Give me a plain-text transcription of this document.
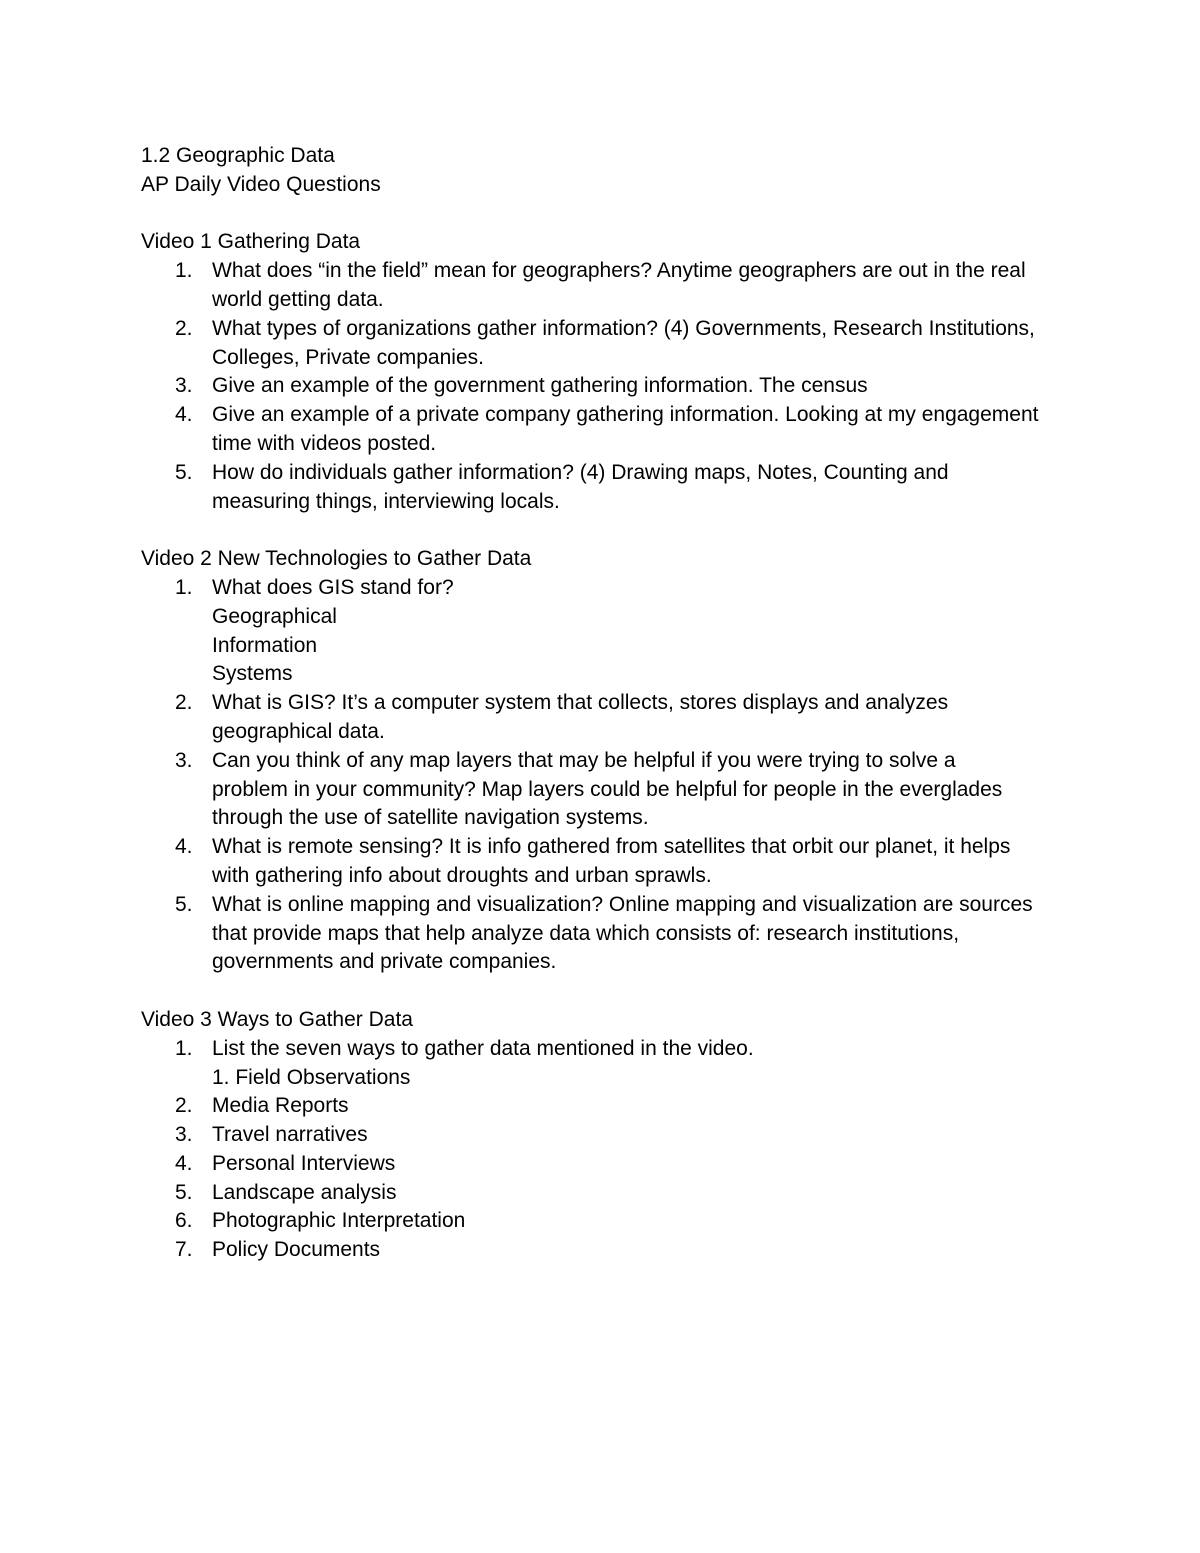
1.2 Geographic Data

AP Daily Video Questions

Video 1 Gathering Data

1. What does “in the field” mean for geographers? Anytime geographers are out in the real
world getting data.
2. What types of organizations gather information? (4) Governments, Research Institutions,
Colleges, Private companies.
3. Give an example of the government gathering information. The census
4. Give an example of a private company gathering information. Looking at my engagement
time with videos posted.
5. How do individuals gather information? (4) Drawing maps, Notes, Counting and
measuring things, interviewing locals.

Video 2 New Technologies to Gather Data

1. What does GIS stand for?
Geographical
Information
Systems
2. What is GIS? It’s a computer system that collects, stores displays and analyzes
geographical data.
3. Can you think of any map layers that may be helpful if you were trying to solve a
problem in your community? Map layers could be helpful for people in the everglades
through the use of satellite navigation systems.
4. What is remote sensing? It is info gathered from satellites that orbit our planet, it helps
with gathering info about droughts and urban sprawls.
5. What is online mapping and visualization? Online mapping and visualization are sources
that provide maps that help analyze data which consists of: research institutions,
governments and private companies.

Video 3 Ways to Gather Data

1. List the seven ways to gather data mentioned in the video.
1. Field Observations
2. Media Reports
3. Travel narratives
4. Personal Interviews
5. Landscape analysis
6. Photographic Interpretation
7. Policy Documents
